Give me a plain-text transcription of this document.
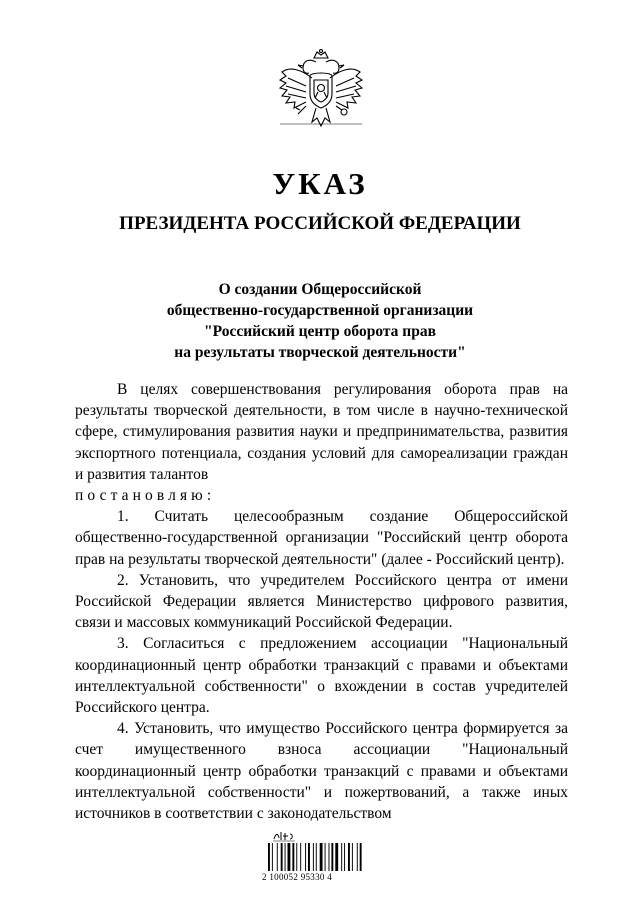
УКАЗ
ПРЕЗИДЕНТА РОССИЙСКОЙ ФЕДЕРАЦИИ
О создании Общероссийской
общественно-государственной организации
"Российский центр оборота прав
на результаты творческой деятельности"

В целях совершенствования регулирования оборота прав на результаты творческой деятельности, в том числе в научно-технической сфере, стимулирования развития науки и предпринимательства, развития экспортного потенциала, создания условий для самореализации граждан и развития талантов

постановляю:

1. Считать целесообразным создание Общероссийской общественно-государственной организации "Российский центр оборота прав на результаты творческой деятельности" (далее - Российский центр).

2. Установить, что учредителем Российского центра от имени Российской Федерации является Министерство цифрового развития, связи и массовых коммуникаций Российской Федерации.

3. Согласиться с предложением ассоциации "Национальный координационный центр обработки транзакций с правами и объектами интеллектуальной собственности" о вхождении в состав учредителей Российского центра.

4. Установить, что имущество Российского центра формируется за счет имущественного взноса ассоциации "Национальный координационный центр обработки транзакций с правами и объектами интеллектуальной собственности" и пожертвований, а также иных источников в соответствии с законодательством

2 100052 95330 4
